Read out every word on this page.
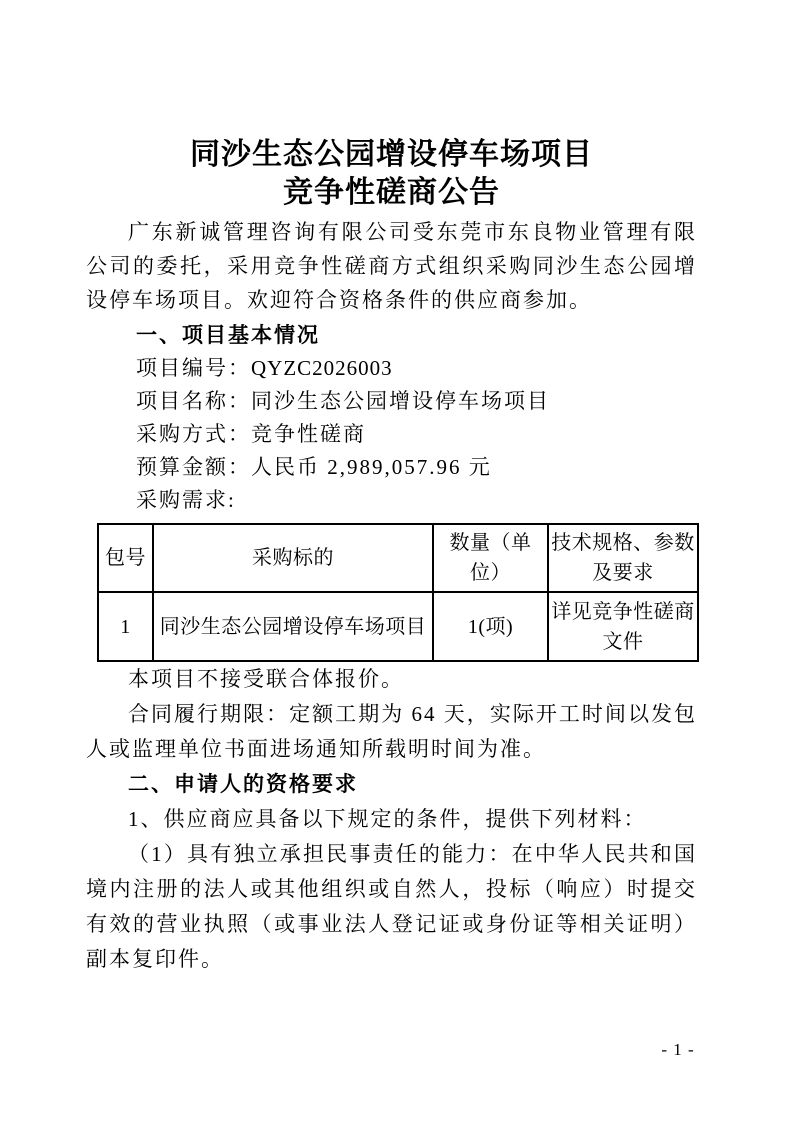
同沙生态公园增设停车场项目
竞争性磋商公告

广东新诚管理咨询有限公司受东莞市东良物业管理有限公司的委托，采用竞争性磋商方式组织采购同沙生态公园增设停车场项目。欢迎符合资格条件的供应商参加。

一、项目基本情况

项目编号：QYZC2026003

项目名称：同沙生态公园增设停车场项目

采购方式：竞争性磋商

预算金额：人民币 2,989,057.96 元

采购需求:

包号	采购标的	数量（单位）	技术规格、参数及要求
1	同沙生态公园增设停车场项目	1(项)	详见竞争性磋商文件

本项目不接受联合体报价。

合同履行期限：定额工期为 64 天，实际开工时间以发包人或监理单位书面进场通知所载明时间为准。

二、申请人的资格要求

1、供应商应具备以下规定的条件，提供下列材料：

（1）具有独立承担民事责任的能力：在中华人民共和国境内注册的法人或其他组织或自然人，投标（响应）时提交有效的营业执照（或事业法人登记证或身份证等相关证明）副本复印件。

- 1 -
